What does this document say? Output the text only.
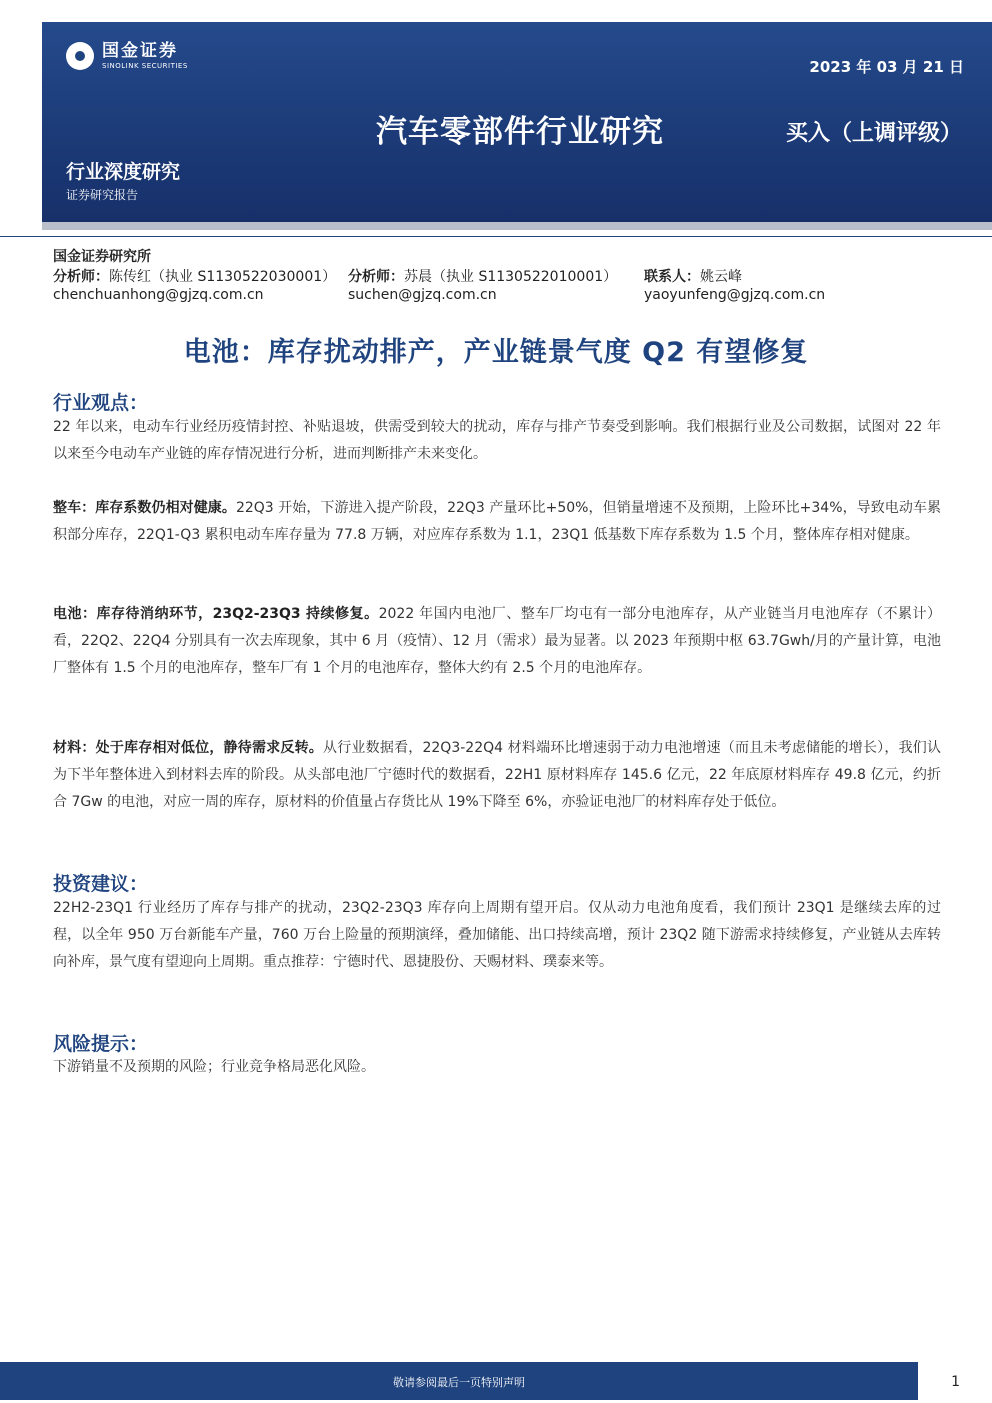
国金证券
SINOLINK SECURITIES	2023 年 03 月 21 日
汽车零部件行业研究	买入（上调评级）
行业深度研究
证券研究报告
国金证券研究所
分析师：陈传红（执业 S1130522030001）
chenchuanhong@gjzq.com.cn
分析师：苏晨（执业 S1130522010001）
suchen@gjzq.com.cn
联系人：姚云峰
yaoyunfeng@gjzq.com.cn
电池：库存扰动排产，产业链景气度 Q2 有望修复
行业观点：

22 年以来，电动车行业经历疫情封控、补贴退坡，供需受到较大的扰动，库存与排产节奏受到影响。我们根据行业及公司数据，试图对 22 年以来至今电动车产业链的库存情况进行分析，进而判断排产未来变化。

整车：库存系数仍相对健康。22Q3 开始，下游进入提产阶段，22Q3 产量环比+50%，但销量增速不及预期，上险环比+34%，导致电动车累积部分库存，22Q1-Q3 累积电动车库存量为 77.8 万辆，对应库存系数为 1.1，23Q1 低基数下库存系数为 1.5 个月，整体库存相对健康。

电池：库存待消纳环节，23Q2-23Q3 持续修复。2022 年国内电池厂、整车厂均屯有一部分电池库存，从产业链当月电池库存（不累计）看，22Q2、22Q4 分别具有一次去库现象，其中 6 月（疫情）、12 月（需求）最为显著。以 2023 年预期中枢 63.7Gwh/月的产量计算，电池厂整体有 1.5 个月的电池库存，整车厂有 1 个月的电池库存，整体大约有 2.5 个月的电池库存。

材料：处于库存相对低位，静待需求反转。从行业数据看，22Q3-22Q4 材料端环比增速弱于动力电池增速（而且未考虑储能的增长），我们认为下半年整体进入到材料去库的阶段。从头部电池厂宁德时代的数据看，22H1 原材料库存 145.6 亿元，22 年底原材料库存 49.8 亿元，约折合 7Gw 的电池，对应一周的库存，原材料的价值量占存货比从 19%下降至 6%，亦验证电池厂的材料库存处于低位。

投资建议：

22H2-23Q1 行业经历了库存与排产的扰动，23Q2-23Q3 库存向上周期有望开启。仅从动力电池角度看，我们预计 23Q1 是继续去库的过程，以全年 950 万台新能车产量，760 万台上险量的预期演绎，叠加储能、出口持续高增，预计 23Q2 随下游需求持续修复，产业链从去库转向补库，景气度有望迎向上周期。重点推荐：宁德时代、恩捷股份、天赐材料、璞泰来等。

风险提示：

下游销量不及预期的风险；行业竞争格局恶化风险。

敬请参阅最后一页特别声明	1
